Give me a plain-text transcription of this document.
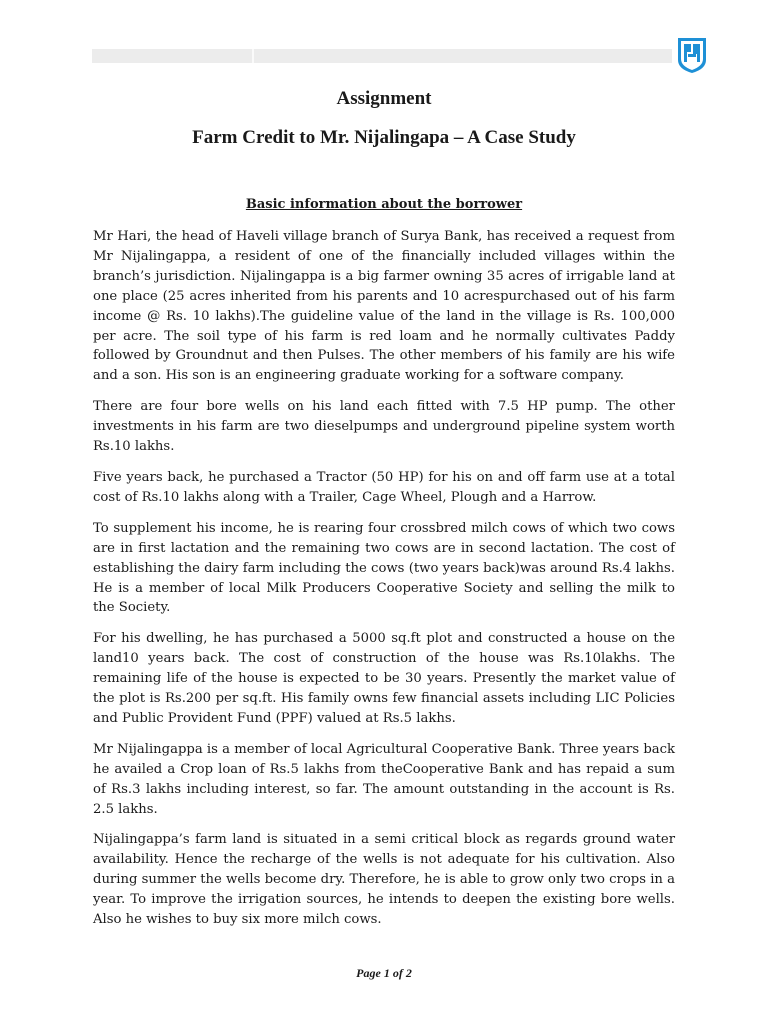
Assignment
Farm Credit to Mr. Nijalingapa – A Case Study
Basic information about the borrower

Mr Hari, the head of Haveli village branch of Surya Bank, has received a request from Mr Nijalingappa, a resident of one of the financially included villages within the branch’s jurisdiction. Nijalingappa is a big farmer owning 35 acres of irrigable land at one place (25 acres inherited from his parents and 10 acrespurchased out of his farm income @ Rs. 10 lakhs).The guideline value of the land in the village is Rs. 100,000 per acre. The soil type of his farm is red loam and he normally cultivates Paddy followed by Groundnut and then Pulses. The other members of his family are his wife and a son. His son is an engineering graduate working for a software company.

There are four bore wells on his land each fitted with 7.5 HP pump. The other investments in his farm are two dieselpumps and underground pipeline system worth Rs.10 lakhs.

Five years back, he purchased a Tractor (50 HP) for his on and off farm use at a total cost of Rs.10 lakhs along with a Trailer, Cage Wheel, Plough and a Harrow.

To supplement his income, he is rearing four crossbred milch cows of which two cows are in first lactation and the remaining two cows are in second lactation. The cost of establishing the dairy farm including the cows (two years back)was around Rs.4 lakhs. He is a member of local Milk Producers Cooperative Society and selling the milk to the Society.

For his dwelling, he has purchased a 5000 sq.ft plot and constructed a house on the land10 years back. The cost of construction of the house was Rs.10lakhs. The remaining life of the house is expected to be 30 years. Presently the market value of the plot is Rs.200 per sq.ft. His family owns few financial assets including LIC Policies and Public Provident Fund (PPF) valued at Rs.5 lakhs.

Mr Nijalingappa is a member of local Agricultural Cooperative Bank. Three years back he availed a Crop loan of Rs.5 lakhs from theCooperative Bank and has repaid a sum of Rs.3 lakhs including interest, so far. The amount outstanding in the account is Rs. 2.5 lakhs.

Nijalingappa’s farm land is situated in a semi critical block as regards ground water availability. Hence the recharge of the wells is not adequate for his cultivation. Also during summer the wells become dry. Therefore, he is able to grow only two crops in a year. To improve the irrigation sources, he intends to deepen the existing bore wells. Also he wishes to buy six more milch cows.

Page 1 of 2
